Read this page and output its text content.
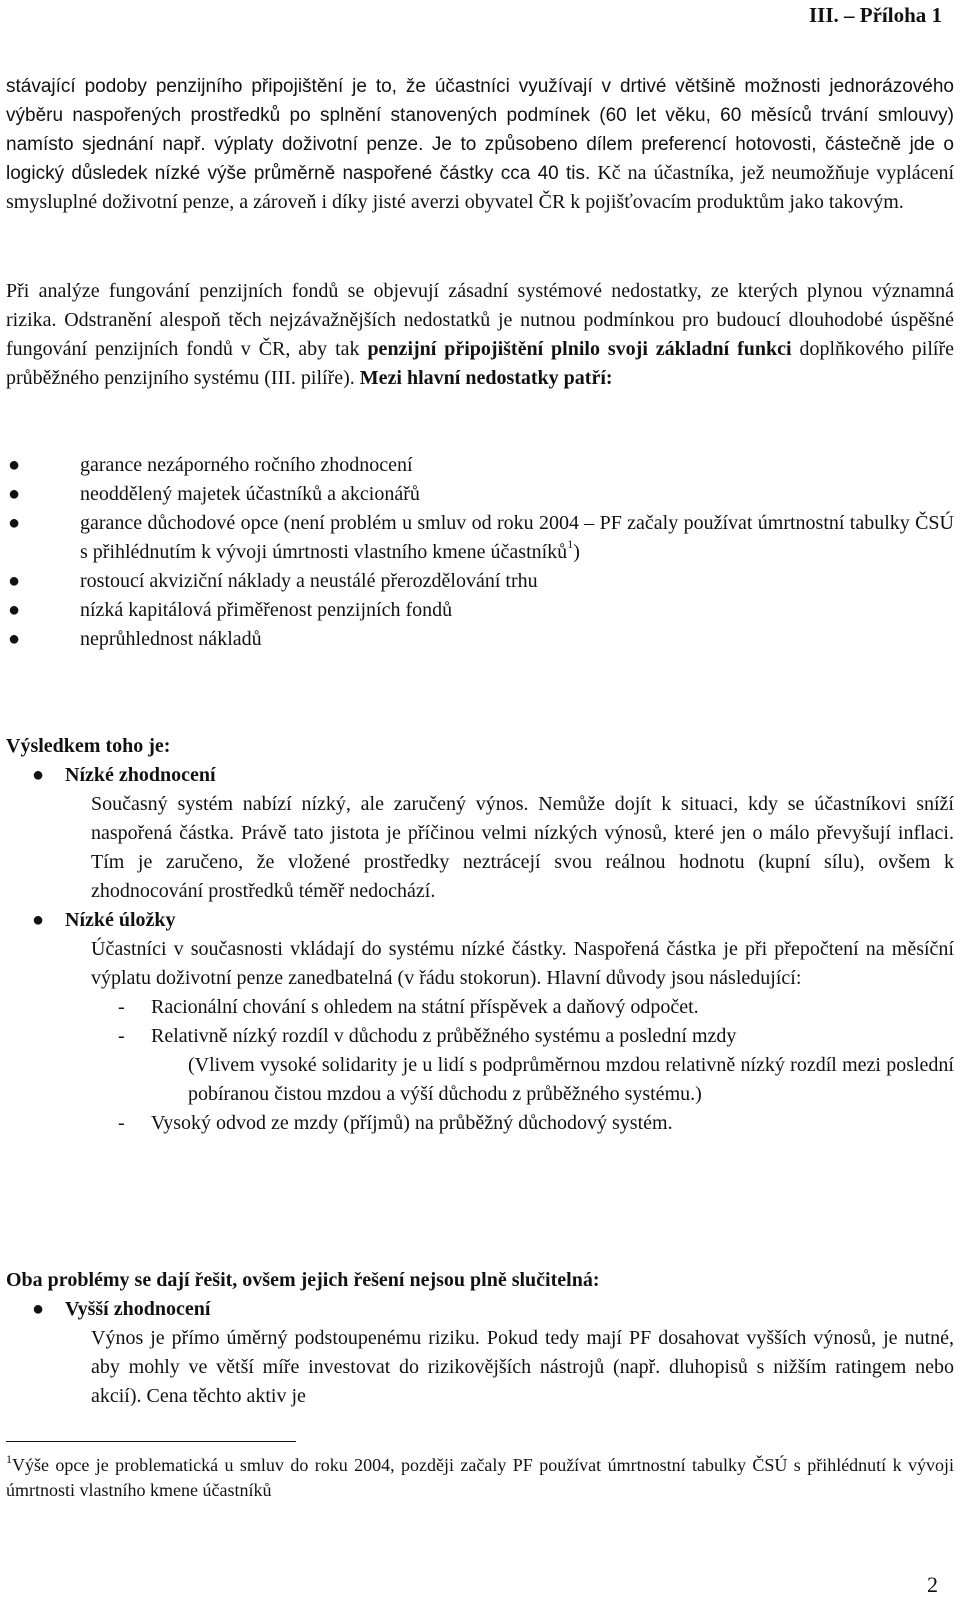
III. – Příloha 1

stávající podoby penzijního připojištění je to, že účastníci využívají v drtivé většině možnosti jednorázového výběru naspořených prostředků po splnění stanovených podmínek (60 let věku, 60 měsíců trvání smlouvy) namísto sjednání např. výplaty doživotní penze. Je to způsobeno dílem preferencí hotovosti, částečně jde o logický důsledek nízké výše průměrně naspořené částky cca 40 tis. Kč na účastníka, jež neumožňuje vyplácení smysluplné doživotní penze, a zároveň i díky jisté averzi obyvatel ČR k pojišťovacím produktům jako takovým.

Při analýze fungování penzijních fondů se objevují zásadní systémové nedostatky, ze kterých plynou významná rizika. Odstranění alespoň těch nejzávažnějších nedostatků je nutnou podmínkou pro budoucí dlouhodobé úspěšné fungování penzijních fondů v ČR, aby tak penzijní připojištění plnilo svoji základní funkci doplňkového pilíře průběžného penzijního systému (III. pilíře). Mezi hlavní nedostatky patří:

●	garance nezáporného ročního zhodnocení
●	neoddělený majetek účastníků a akcionářů
●	garance důchodové opce (není problém u smluv od roku 2004 – PF začaly používat úmrtnostní tabulky ČSÚ s přihlédnutím k vývoji úmrtnosti vlastního kmene účastníků$^1$)
●	rostoucí akviziční náklady a neustálé přerozdělování trhu
●	nízká kapitálová přiměřenost penzijních fondů
●	neprůhlednost nákladů
Výsledkem toho je:
● Nízké zhodnocení
Současný systém nabízí nízký, ale zaručený výnos. Nemůže dojít k situaci, kdy se účastníkovi sníží naspořená částka. Právě tato jistota je příčinou velmi nízkých výnosů, které jen o málo převyšují inflaci. Tím je zaručeno, že vložené prostředky neztrácejí svou reálnou hodnotu (kupní sílu), ovšem k zhodnocování prostředků téměř nedochází.
● Nízké úložky
Účastníci v současnosti vkládají do systému nízké částky. Naspořená částka je při přepočtení na měsíční výplatu doživotní penze zanedbatelná (v řádu stokorun). Hlavní důvody jsou následující:
- Racionální chování s ohledem na státní příspěvek a daňový odpočet.
- Relativně nízký rozdíl v důchodu z průběžného systému a poslední mzdy
(Vlivem vysoké solidarity je u lidí s podprůměrnou mzdou relativně nízký rozdíl mezi poslední pobíranou čistou mzdou a výší důchodu z průběžného systému.)
- Vysoký odvod ze mzdy (příjmů) na průběžný důchodový systém.
Oba problémy se dají řešit, ovšem jejich řešení nejsou plně slučitelná:
● Vyšší zhodnocení
Výnos je přímo úměrný podstoupenému riziku. Pokud tedy mají PF dosahovat vyšších výnosů, je nutné, aby mohly ve větší míře investovat do rizikovějších nástrojů (např. dluhopisů s nižším ratingem nebo akcií). Cena těchto aktiv je
$^1$Výše opce je problematická u smluv do roku 2004, později začaly PF používat úmrtnostní tabulky ČSÚ s přihlédnutí k vývoji úmrtnosti vlastního kmene účastníků
2
